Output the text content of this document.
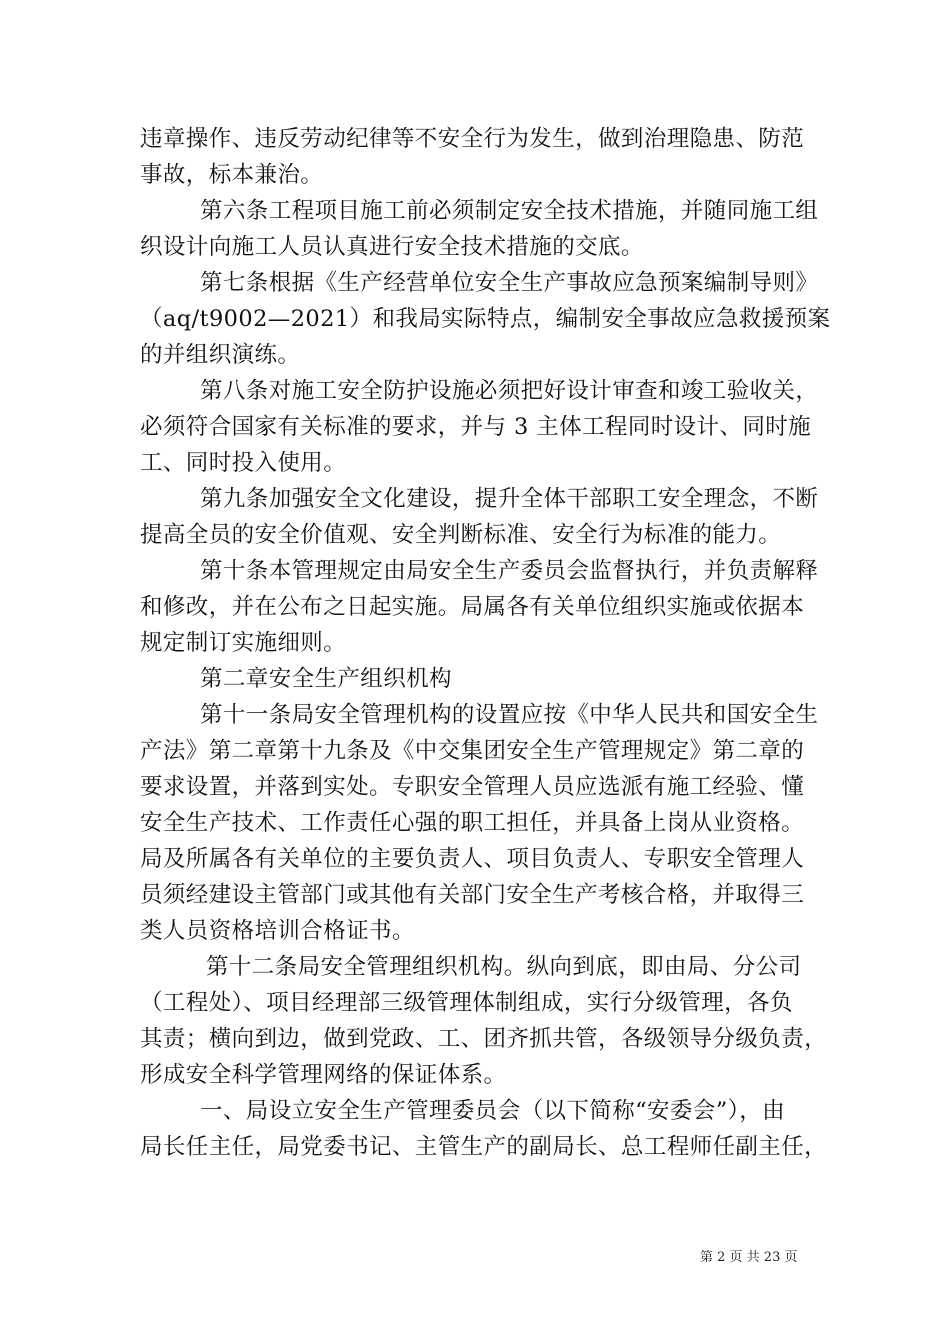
违章操作、违反劳动纪律等不安全行为发生，做到治理隐患、防范
事故，标本兼治。
第六条工程项目施工前必须制定安全技术措施，并随同施工组
织设计向施工人员认真进行安全技术措施的交底。
第七条根据《生产经营单位安全生产事故应急预案编制导则》
（aq/t9002—2021）和我局实际特点，编制安全事故应急救援预案
的并组织演练。
第八条对施工安全防护设施必须把好设计审查和竣工验收关，
必须符合国家有关标准的要求，并与 3 主体工程同时设计、同时施
工、同时投入使用。
第九条加强安全文化建设，提升全体干部职工安全理念，不断
提高全员的安全价值观、安全判断标准、安全行为标准的能力。
第十条本管理规定由局安全生产委员会监督执行，并负责解释
和修改，并在公布之日起实施。局属各有关单位组织实施或依据本
规定制订实施细则。
第二章安全生产组织机构
第十一条局安全管理机构的设置应按《中华人民共和国安全生
产法》第二章第十九条及《中交集团安全生产管理规定》第二章的
要求设置，并落到实处。专职安全管理人员应选派有施工经验、懂
安全生产技术、工作责任心强的职工担任，并具备上岗从业资格。
局及所属各有关单位的主要负责人、项目负责人、专职安全管理人
员须经建设主管部门或其他有关部门安全生产考核合格，并取得三
类人员资格培训合格证书。
第十二条局安全管理组织机构。纵向到底，即由局、分公司
（工程处）、项目经理部三级管理体制组成，实行分级管理，各负
其责；横向到边，做到党政、工、团齐抓共管，各级领导分级负责，
形成安全科学管理网络的保证体系。
一、局设立安全生产管理委员会（以下简称“安委会”），由
局长任主任，局党委书记、主管生产的副局长、总工程师任副主任，
第 2 页 共 23 页
